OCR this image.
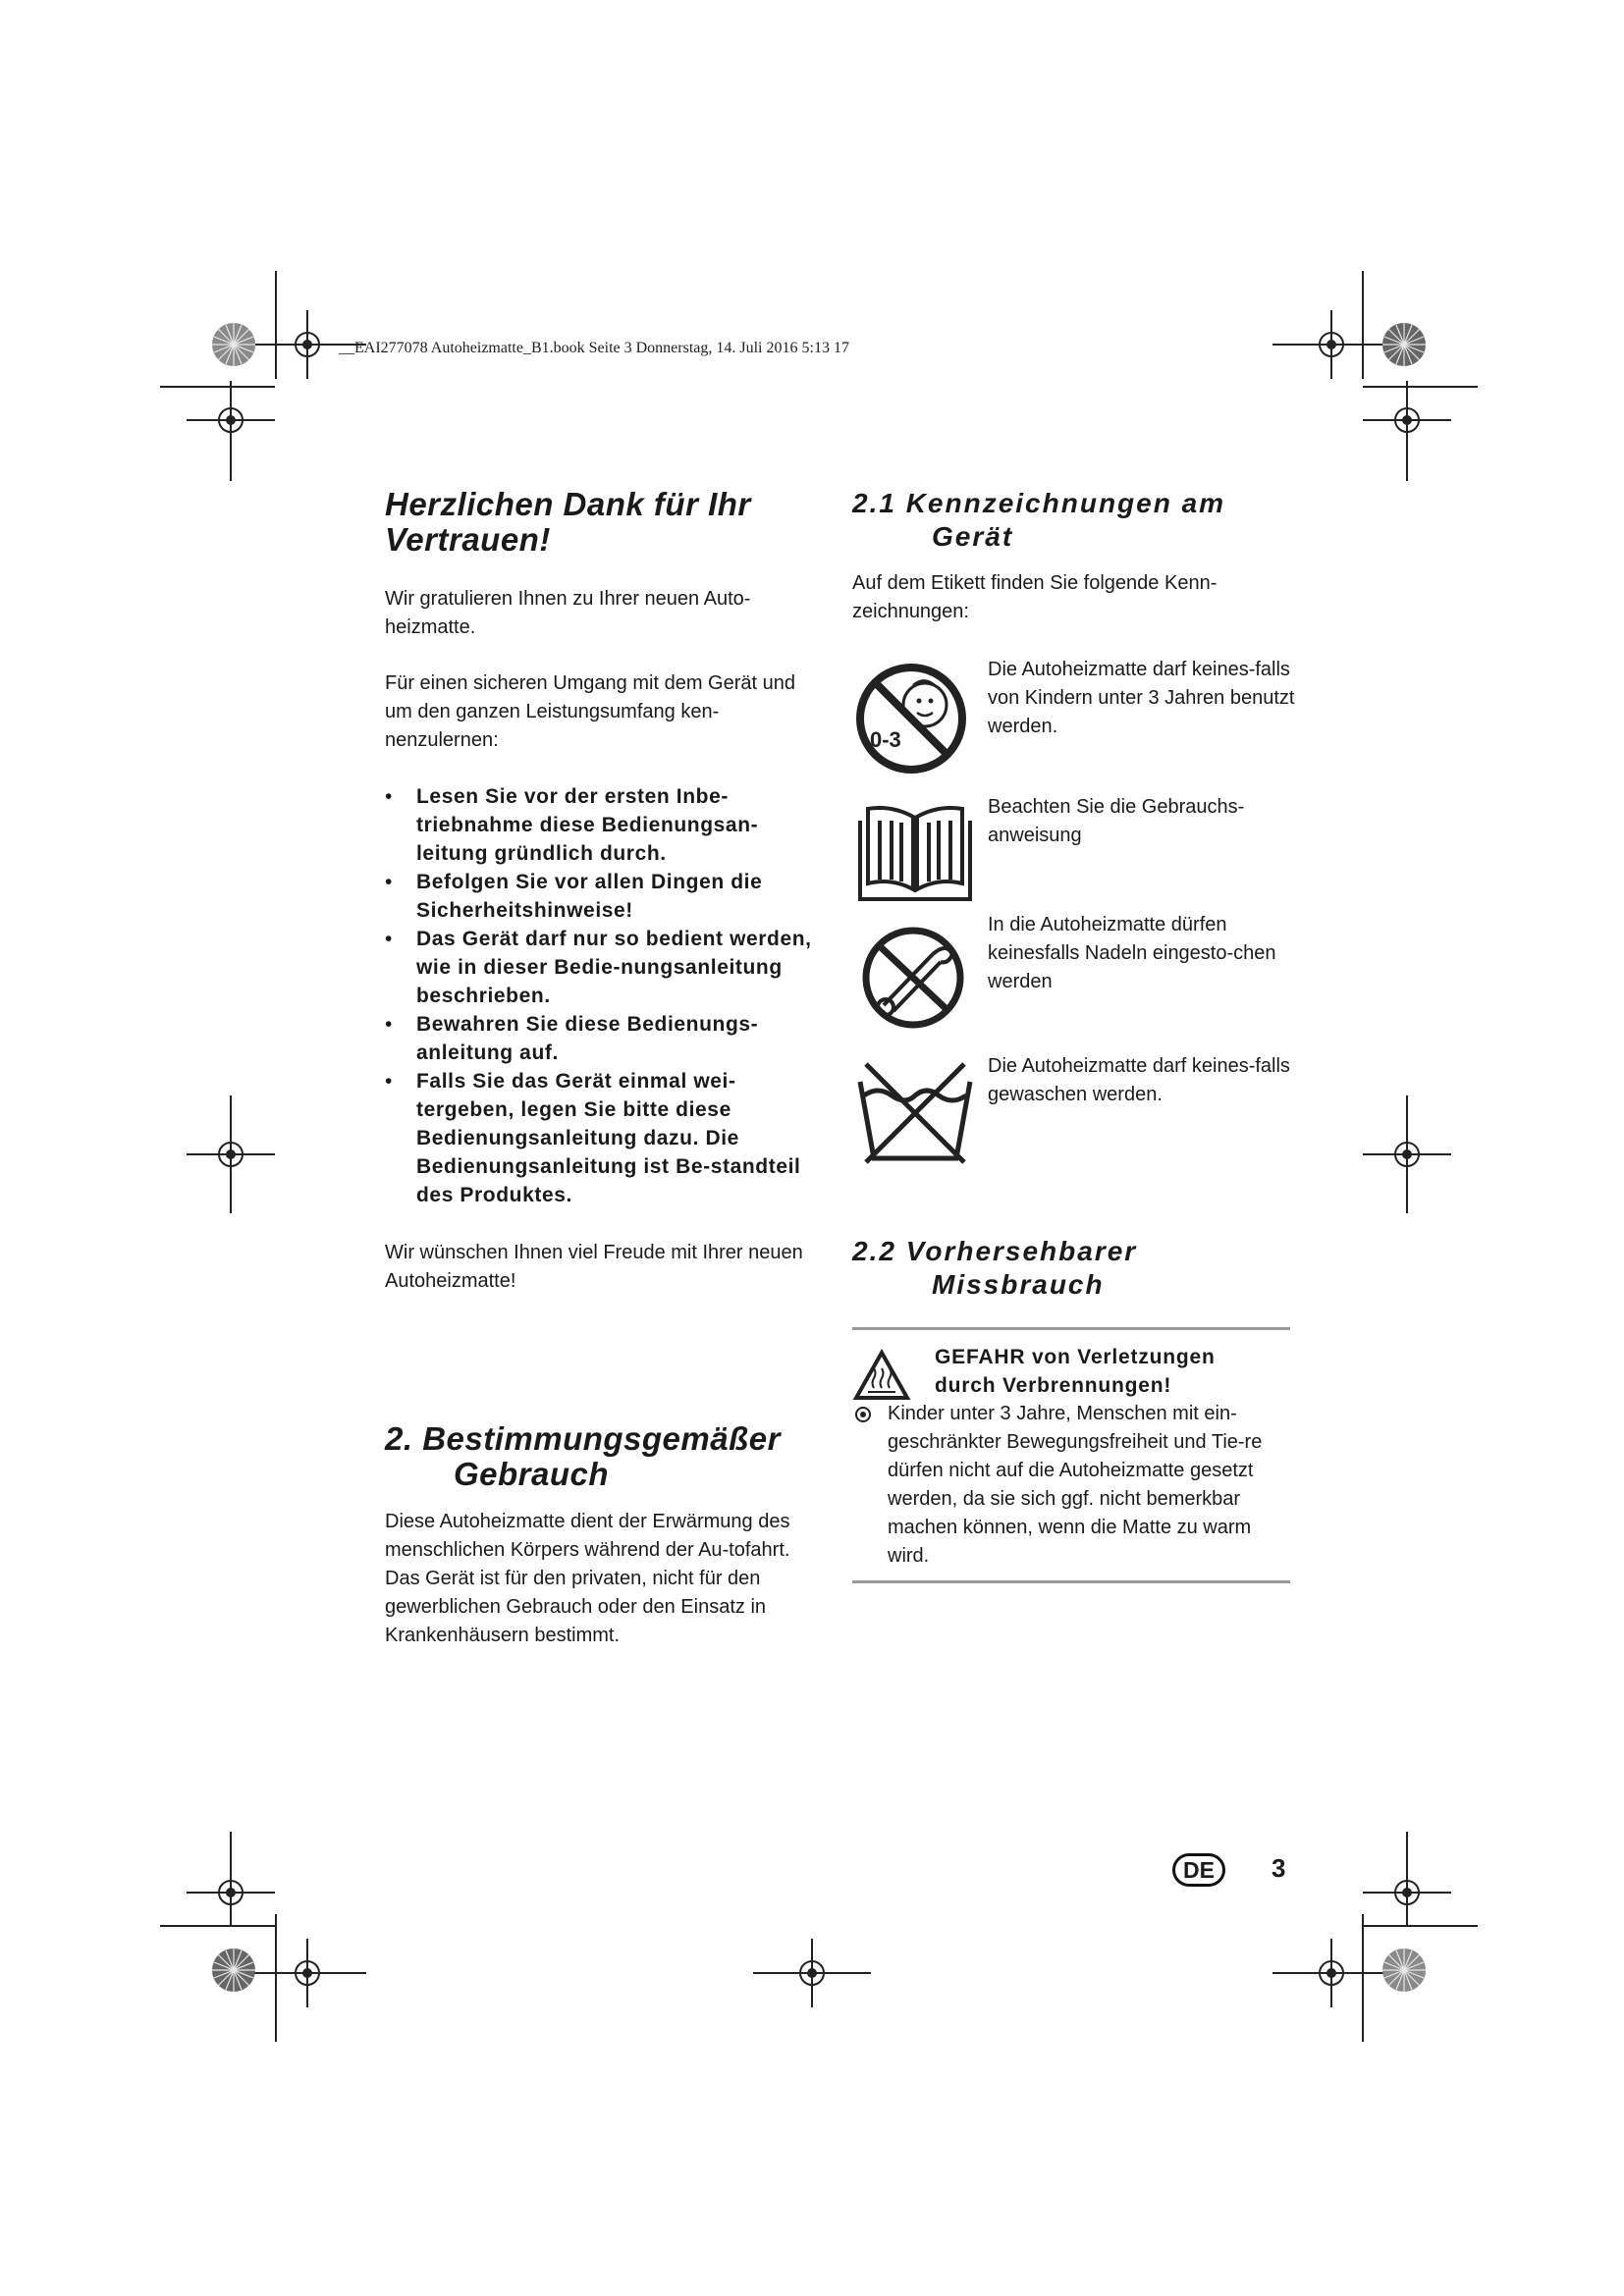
__EAI277078 Autoheizmatte_B1.book Seite 3 Donnerstag, 14. Juli 2016 5:13 17
Herzlichen Dank für Ihr
Vertrauen!

Wir gratulieren Ihnen zu Ihrer neuen Auto-heizmatte.

Für einen sicheren Umgang mit dem Gerät und um den ganzen Leistungsumfang ken-nenzulernen:

• Lesen Sie vor der ersten Inbe-triebnahme diese Bedienungsan-leitung gründlich durch.
• Befolgen Sie vor allen Dingen die Sicherheitshinweise!
• Das Gerät darf nur so bedient werden, wie in dieser Bedie-nungsanleitung beschrieben.
• Bewahren Sie diese Bedienungs-anleitung auf.
• Falls Sie das Gerät einmal wei-tergeben, legen Sie bitte diese Bedienungsanleitung dazu. Die Bedienungsanleitung ist Be-standteil des Produktes.

Wir wünschen Ihnen viel Freude mit Ihrer neuen Autoheizmatte!

2. Bestimmungsgemäßer
Gebrauch

Diese Autoheizmatte dient der Erwärmung des menschlichen Körpers während der Au-tofahrt.

Das Gerät ist für den privaten, nicht für den gewerblichen Gebrauch oder den Einsatz in Krankenhäusern bestimmt.

2.1 Kennzeichnungen am
Gerät

Auf dem Etikett finden Sie folgende Kenn-zeichnungen:

0-3
Die Autoheizmatte darf keines-falls von Kindern unter 3 Jahren benutzt werden.
Beachten Sie die Gebrauchs-anweisung
In die Autoheizmatte dürfen keinesfalls Nadeln eingesto-chen werden
Die Autoheizmatte darf keines-falls gewaschen werden.
2.2 Vorhersehbarer
Missbrauch
GEFAHR von Verletzungen
durch Verbrennungen!
Kinder unter 3 Jahre, Menschen mit ein-geschränkter Bewegungsfreiheit und Tie-re dürfen nicht auf die Autoheizmatte gesetzt werden, da sie sich ggf. nicht bemerkbar machen können, wenn die Matte zu warm wird.
DE	3
